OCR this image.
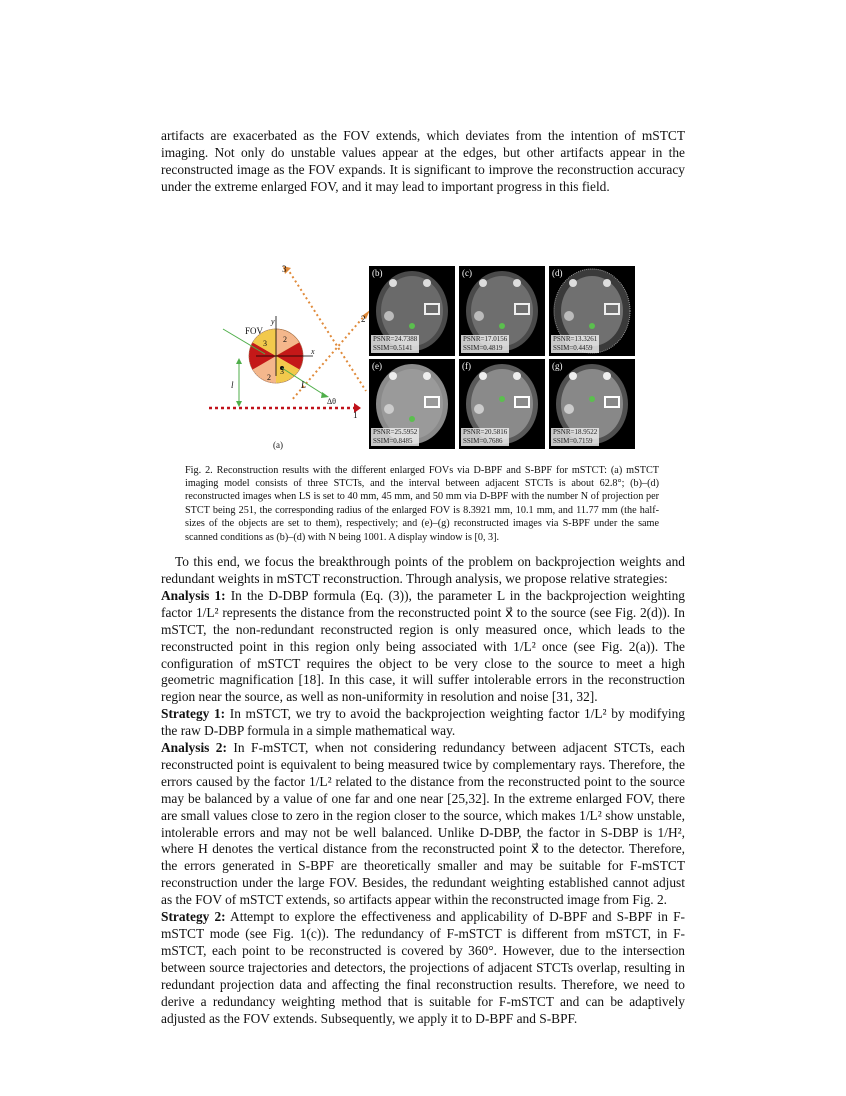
artifacts are exacerbated as the FOV extends, which deviates from the intention of mSTCT imaging. Not only do unstable values appear at the edges, but other artifacts appear in the reconstructed image as the FOV expands. It is significant to improve the reconstruction accuracy under the extreme enlarged FOV, and it may lead to important progress in this field.

FOV
y
x
l	L
Δθ
1
2
3
2
3
3
2
(a)
(b)
PSNR=24.7388
SSIM=0.5141
(c)
PSNR=17.0156
SSIM=0.4819
(d)
PSNR=13.3261
SSIM=0.4459
(e)
PSNR=25.5952
SSIM=0.8485
(f)
PSNR=20.5816
SSIM=0.7686
(g)
PSNR=18.9522
SSIM=0.7159

Fig. 2. Reconstruction results with the different enlarged FOVs via D-BPF and S-BPF for mSTCT: (a) mSTCT imaging model consists of three STCTs, and the interval between adjacent STCTs is about 62.8°; (b)–(d) reconstructed images when LS is set to 40 mm, 45 mm, and 50 mm via D-BPF with the number N of projection per STCT being 251, the corresponding radius of the enlarged FOV is 8.3921 mm, 10.1 mm, and 11.77 mm (the half-sizes of the objects are set to them), respectively; and (e)–(g) reconstructed images via S-BPF under the same scanned conditions as (b)–(d) with N being 1001. A display window is [0, 3].

To this end, we focus the breakthrough points of the problem on backprojection weights and redundant weights in mSTCT reconstruction. Through analysis, we propose relative strategies:

Analysis 1: In the D-DBP formula (Eq. (3)), the parameter L in the backprojection weighting factor 1/L² represents the distance from the reconstructed point x⃗ to the source (see Fig. 2(d)). In mSTCT, the non-redundant reconstructed region is only measured once, which leads to the reconstructed point in this region only being associated with 1/L² once (see Fig. 2(a)). The configuration of mSTCT requires the object to be very close to the source to meet a high geometric magnification [18]. In this case, it will suffer intolerable errors in the reconstruction region near the source, as well as non-uniformity in resolution and noise [31, 32].

Strategy 1: In mSTCT, we try to avoid the backprojection weighting factor 1/L² by modifying the raw D-DBP formula in a simple mathematical way.

Analysis 2: In F-mSTCT, when not considering redundancy between adjacent STCTs, each reconstructed point is equivalent to being measured twice by complementary rays. Therefore, the errors caused by the factor 1/L² related to the distance from the reconstructed point to the source may be balanced by a value of one far and one near [25,32]. In the extreme enlarged FOV, there are small values close to zero in the region closer to the source, which makes 1/L² show unstable, intolerable errors and may not be well balanced. Unlike D-DBP, the factor in S-DBP is 1/H², where H denotes the vertical distance from the reconstructed point x⃗ to the detector. Therefore, the errors generated in S-BPF are theoretically smaller and may be suitable for F-mSTCT reconstruction under the large FOV. Besides, the redundant weighting established cannot adjust as the FOV of mSTCT extends, so artifacts appear within the reconstructed image from Fig. 2.

Strategy 2: Attempt to explore the effectiveness and applicability of D-BPF and S-BPF in F-mSTCT mode (see Fig. 1(c)). The redundancy of F-mSTCT is different from mSTCT, in F-mSTCT, each point to be reconstructed is covered by 360°. However, due to the intersection between source trajectories and detectors, the projections of adjacent STCTs overlap, resulting in redundant projection data and affecting the final reconstruction results. Therefore, we need to derive a redundancy weighting method that is suitable for F-mSTCT and can be adaptively adjusted as the FOV extends. Subsequently, we apply it to D-BPF and S-BPF.
